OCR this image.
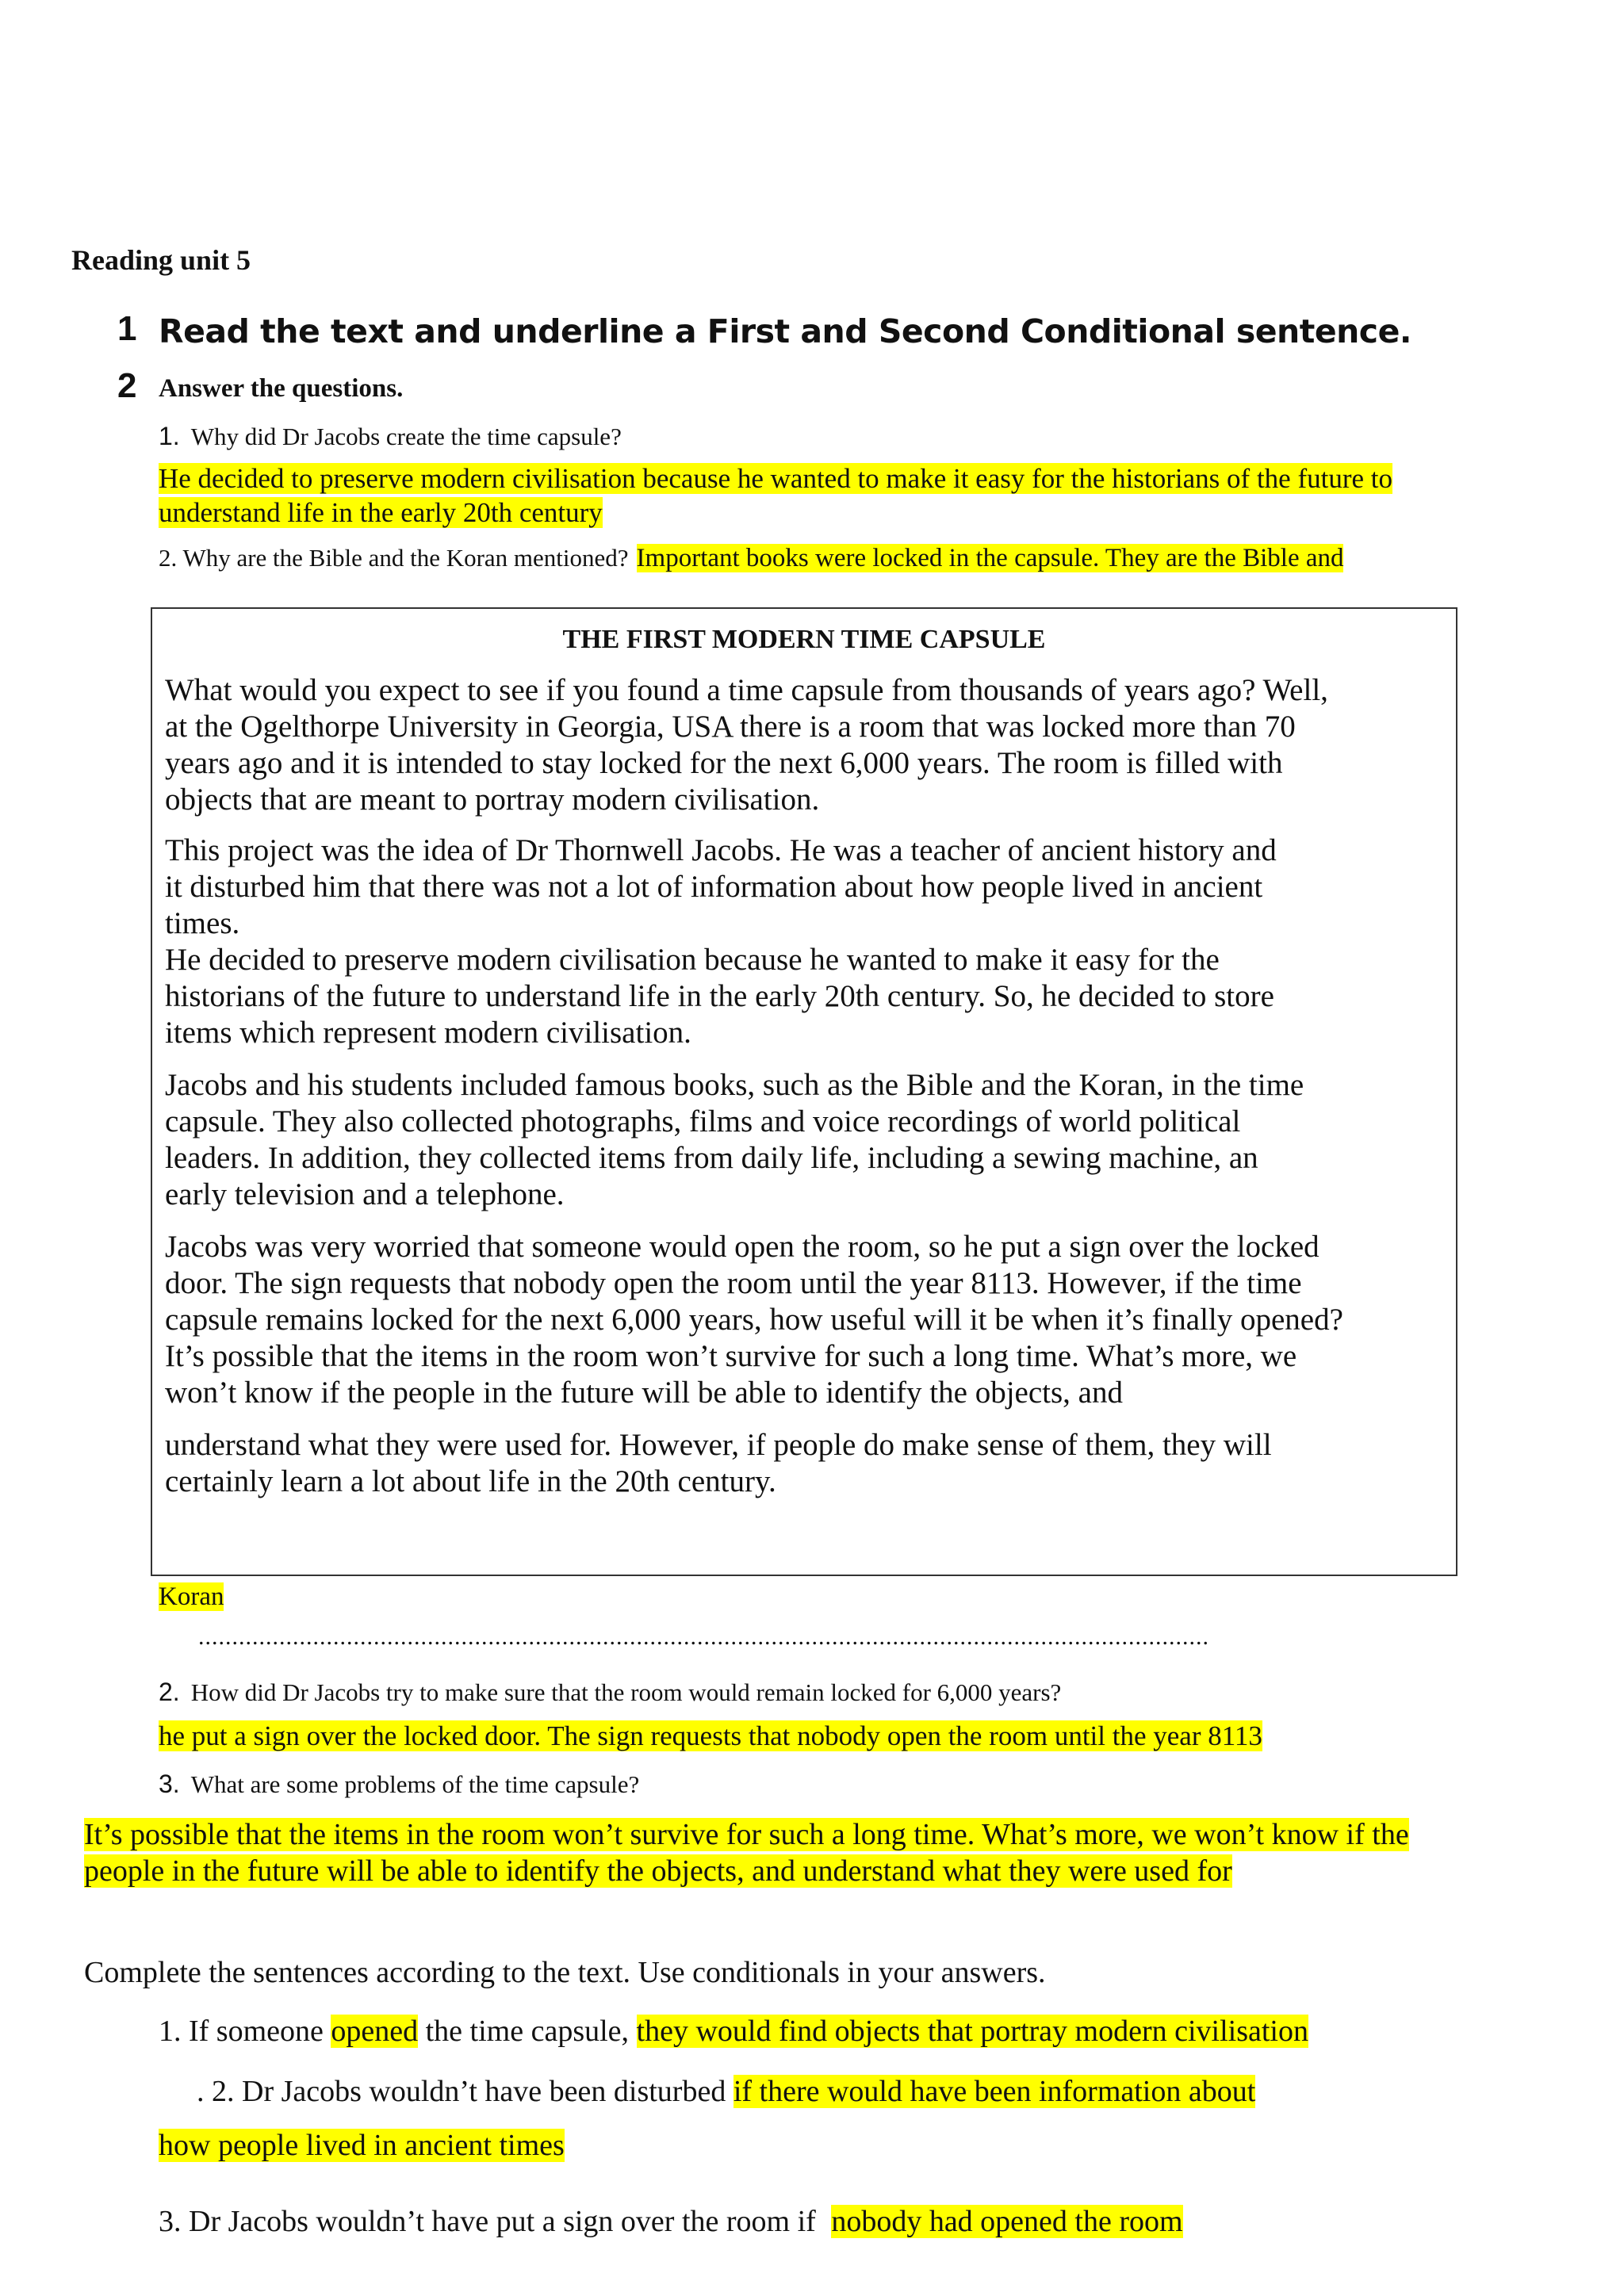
Reading unit 5
1 Read the text and underline a First and Second Conditional sentence.
2 Answer the questions.
1. Why did Dr Jacobs create the time capsule?
He decided to preserve modern civilisation because he wanted to make it easy for the historians of the future to
understand life in the early 20th century
2. Why are the Bible and the Koran mentioned? Important books were locked in the capsule. They are the Bible and
THE FIRST MODERN TIME CAPSULE
What would you expect to see if you found a time capsule from thousands of years ago? Well,
at the Ogelthorpe University in Georgia, USA there is a room that was locked more than 70
years ago and it is intended to stay locked for the next 6,000 years. The room is filled with
objects that are meant to portray modern civilisation.
This project was the idea of Dr Thornwell Jacobs. He was a teacher of ancient history and
it disturbed him that there was not a lot of information about how people lived in ancient
times.
He decided to preserve modern civilisation because he wanted to make it easy for the
historians of the future to understand life in the early 20th century. So, he decided to store
items which represent modern civilisation.
Jacobs and his students included famous books, such as the Bible and the Koran, in the time
capsule. They also collected photographs, films and voice recordings of world political
leaders. In addition, they collected items from daily life, including a sewing machine, an
early television and a telephone.
Jacobs was very worried that someone would open the room, so he put a sign over the locked
door. The sign requests that nobody open the room until the year 8113. However, if the time
capsule remains locked for the next 6,000 years, how useful will it be when it’s finally opened?
It’s possible that the items in the room won’t survive for such a long time. What’s more, we
won’t know if the people in the future will be able to identify the objects, and
understand what they were used for. However, if people do make sense of them, they will
certainly learn a lot about life in the 20th century.
Koran
......................................................................................................................................................
2. How did Dr Jacobs try to make sure that the room would remain locked for 6,000 years?
he put a sign over the locked door. The sign requests that nobody open the room until the year 8113
3. What are some problems of the time capsule?
It’s possible that the items in the room won’t survive for such a long time. What’s more, we won’t know if the
people in the future will be able to identify the objects, and understand what they were used for
Complete the sentences according to the text. Use conditionals in your answers.
1. If someone opened the time capsule, they would find objects that portray modern civilisation
. 2. Dr Jacobs wouldn’t have been disturbed if there would have been information about
how people lived in ancient times
3. Dr Jacobs wouldn’t have put a sign over the room if nobody had opened the room
